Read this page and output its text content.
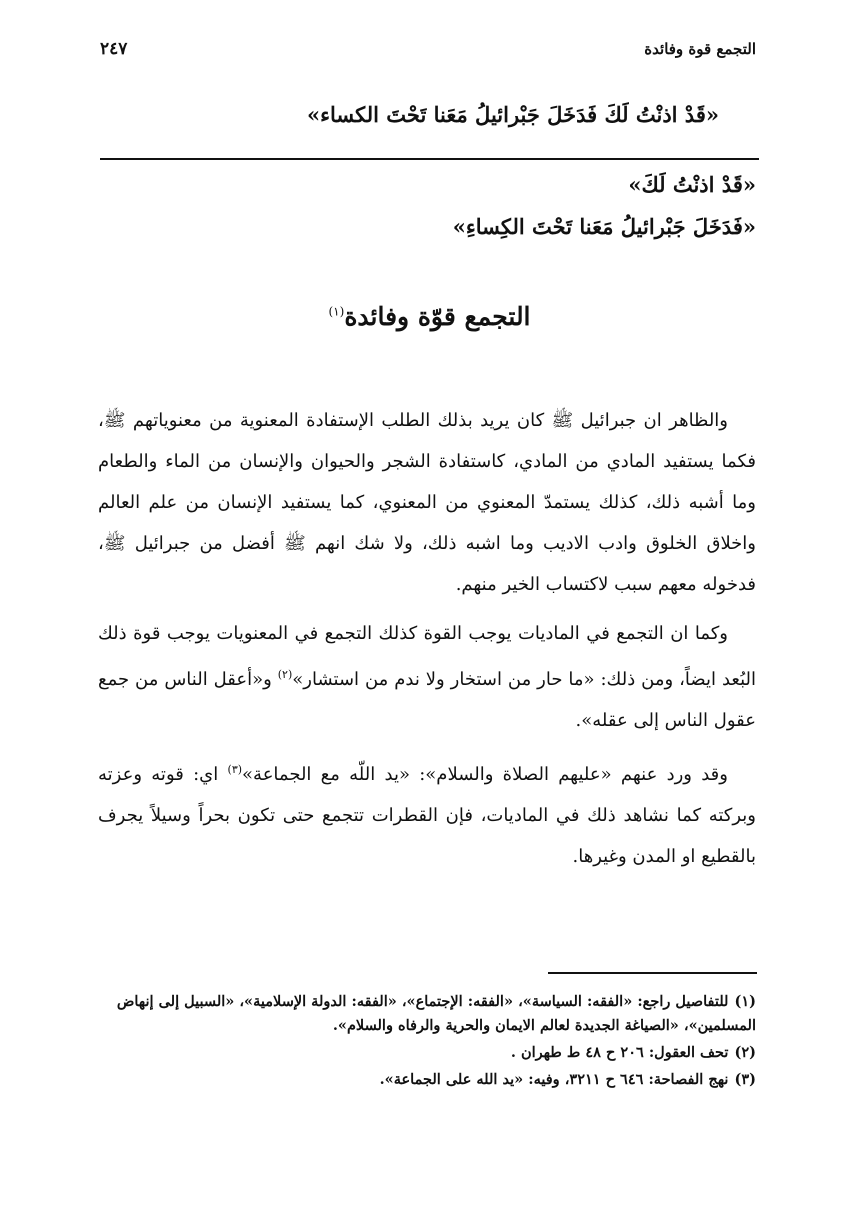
التجمع قوة وفائدة
٢٤٧
«قَدْ اذنْتُ لَكَ فَدَخَلَ جَبْرائيلُ مَعَنا تَحْتَ الكساء»
«قَدْ اذنْتُ لَكَ»
«فَدَخَلَ جَبْرائيلُ مَعَنا تَحْتَ الكِساءِ»
التجمع قوّة وفائدة$^{(١)}$

والظاهر ان جبرائيل ﷺ كان يريد بذلك الطلب الإستفادة المعنوية من معنوياتهم ﷺ، فكما يستفيد المادي من المادي، كاستفادة الشجر والحيوان والإنسان من الماء والطعام وما أشبه ذلك، كذلك يستمدّ المعنوي من المعنوي، كما يستفيد الإنسان من علم العالم واخلاق الخلوق وادب الاديب وما اشبه ذلك، ولا شك انهم ﷺ أفضل من جبرائيل ﷺ، فدخوله معهم سبب لاكتساب الخير منهم.

وكما ان التجمع في الماديات يوجب القوة كذلك التجمع في المعنويات يوجب قوة ذلك البُعد ايضاً، ومن ذلك: «ما حار من استخار ولا ندم من استشار»$^{(٢)}$ و«أعقل الناس من جمع عقول الناس إلى عقله».

وقد ورد عنهم «عليهم الصلاة والسلام»: «يد اللّه مع الجماعة»$^{(٣)}$ اي: قوته وعزته وبركته كما نشاهد ذلك في الماديات، فإن القطرات تتجمع حتى تكون بحراً وسيلاً يجرف بالقطيع او المدن وغيرها.

(١)للتفاصيل راجع: «الفقه: السياسة»، «الفقه: الإجتماع»، «الفقه: الدولة الإسلامية»، «السبيل إلى إنهاض المسلمين»، «الصياغة الجديدة لعالم الايمان والحرية والرفاه والسلام».
(٢)تحف العقول: ٢٠٦ ح ٤٨ ط طهران .
(٣)نهج الفصاحة: ٦٤٦ ح ٣٢١١، وفيه: «يد الله على الجماعة».
